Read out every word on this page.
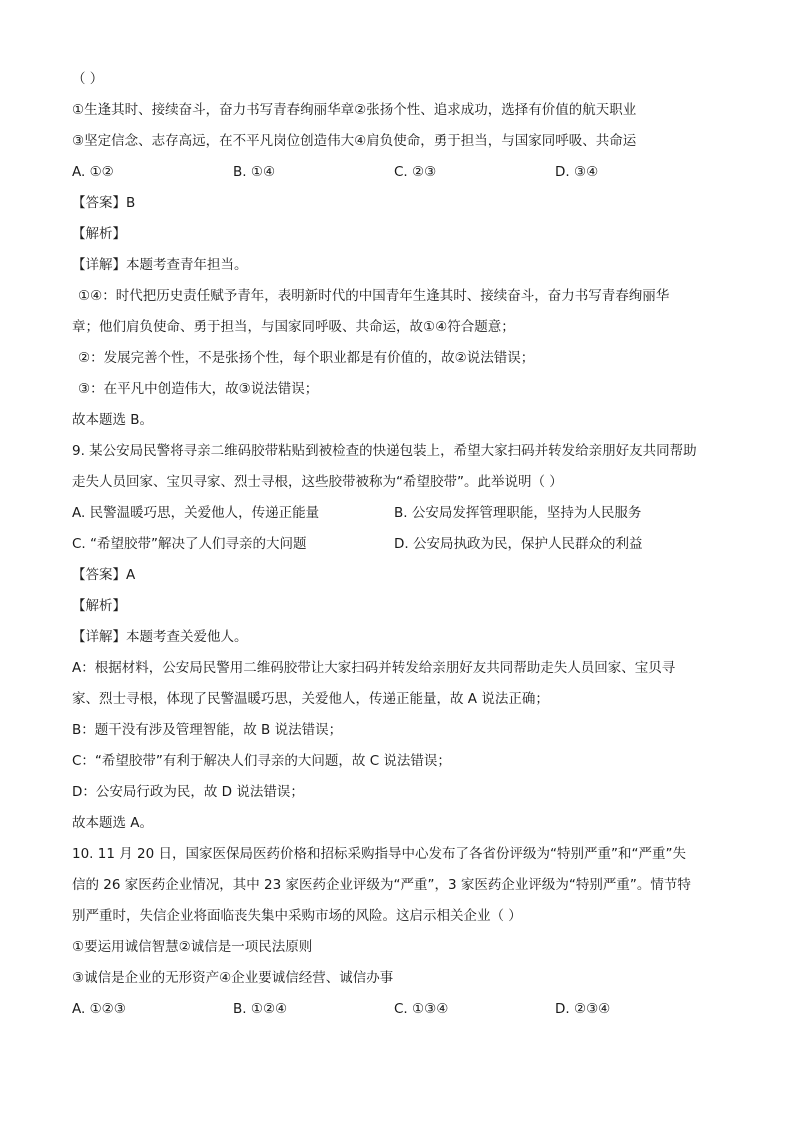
（ ）
①生逢其时、接续奋斗，奋力书写青春绚丽华章②张扬个性、追求成功，选择有价值的航天职业
③坚定信念、志存高远，在不平凡岗位创造伟大④肩负使命，勇于担当，与国家同呼吸、共命运
A. ①②	B. ①④	C. ②③	D. ③④
【答案】B
【解析】
【详解】本题考查青年担当。
①④：时代把历史责任赋予青年，表明新时代的中国青年生逢其时、接续奋斗，奋力书写青春绚丽华
章；他们肩负使命、勇于担当，与国家同呼吸、共命运，故①④符合题意；
②：发展完善个性，不是张扬个性，每个职业都是有价值的，故②说法错误；
③：在平凡中创造伟大，故③说法错误；
故本题选 B。
9. 某公安局民警将寻亲二维码胶带粘贴到被检查的快递包装上，希望大家扫码并转发给亲朋好友共同帮助
走失人员回家、宝贝寻家、烈士寻根，这些胶带被称为“希望胶带”。此举说明（ ）
A. 民警温暖巧思，关爱他人，传递正能量	B. 公安局发挥管理职能，坚持为人民服务
C. “希望胶带”解决了人们寻亲的大问题	D. 公安局执政为民，保护人民群众的利益
【答案】A
【解析】
【详解】本题考查关爱他人。
A：根据材料，公安局民警用二维码胶带让大家扫码并转发给亲朋好友共同帮助走失人员回家、宝贝寻
家、烈士寻根，体现了民警温暖巧思，关爱他人，传递正能量，故 A 说法正确；
B：题干没有涉及管理智能，故 B 说法错误；
C：“希望胶带”有利于解决人们寻亲的大问题，故 C 说法错误；
D：公安局行政为民，故 D 说法错误；
故本题选 A。
10. 11 月 20 日，国家医保局医药价格和招标采购指导中心发布了各省份评级为“特别严重”和“严重”失
信的 26 家医药企业情况，其中 23 家医药企业评级为“严重”，3 家医药企业评级为“特别严重”。情节特
别严重时，失信企业将面临丧失集中采购市场的风险。这启示相关企业（ ）
①要运用诚信智慧②诚信是一项民法原则
③诚信是企业的无形资产④企业要诚信经营、诚信办事
A. ①②③	B. ①②④	C. ①③④	D. ②③④
